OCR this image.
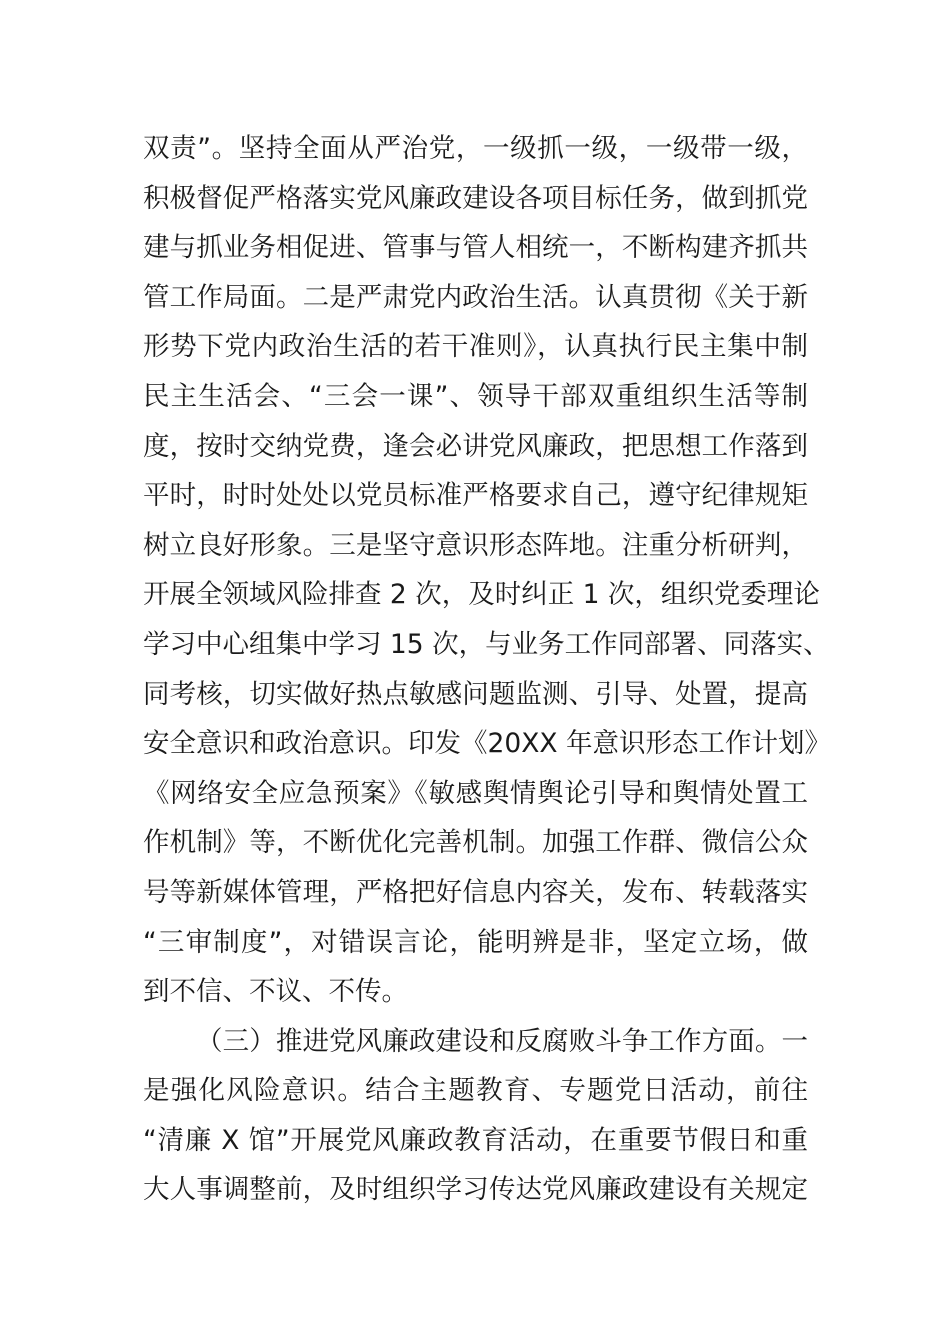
双责”。坚持全面从严治党，一级抓一级，一级带一级，
积极督促严格落实党风廉政建设各项目标任务，做到抓党
建与抓业务相促进、管事与管人相统一，不断构建齐抓共
管工作局面。二是严肃党内政治生活。认真贯彻《关于新
形势下党内政治生活的若干准则》，认真执行民主集中制
民主生活会、“三会一课”、领导干部双重组织生活等制
度，按时交纳党费，逢会必讲党风廉政，把思想工作落到
平时，时时处处以党员标准严格要求自己，遵守纪律规矩
树立良好形象。三是坚守意识形态阵地。注重分析研判，
开展全领域风险排查 2 次，及时纠正 1 次，组织党委理论
学习中心组集中学习 15 次，与业务工作同部署、同落实、
同考核，切实做好热点敏感问题监测、引导、处置，提高
安全意识和政治意识。印发《20XX 年意识形态工作计划》
《网络安全应急预案》《敏感舆情舆论引导和舆情处置工
作机制》等，不断优化完善机制。加强工作群、微信公众
号等新媒体管理，严格把好信息内容关，发布、转载落实
“三审制度”，对错误言论，能明辨是非，坚定立场，做
到不信、不议、不传。
（三）推进党风廉政建设和反腐败斗争工作方面。一
是强化风险意识。结合主题教育、专题党日活动，前往
“清廉 X 馆”开展党风廉政教育活动，在重要节假日和重
大人事调整前，及时组织学习传达党风廉政建设有关规定
